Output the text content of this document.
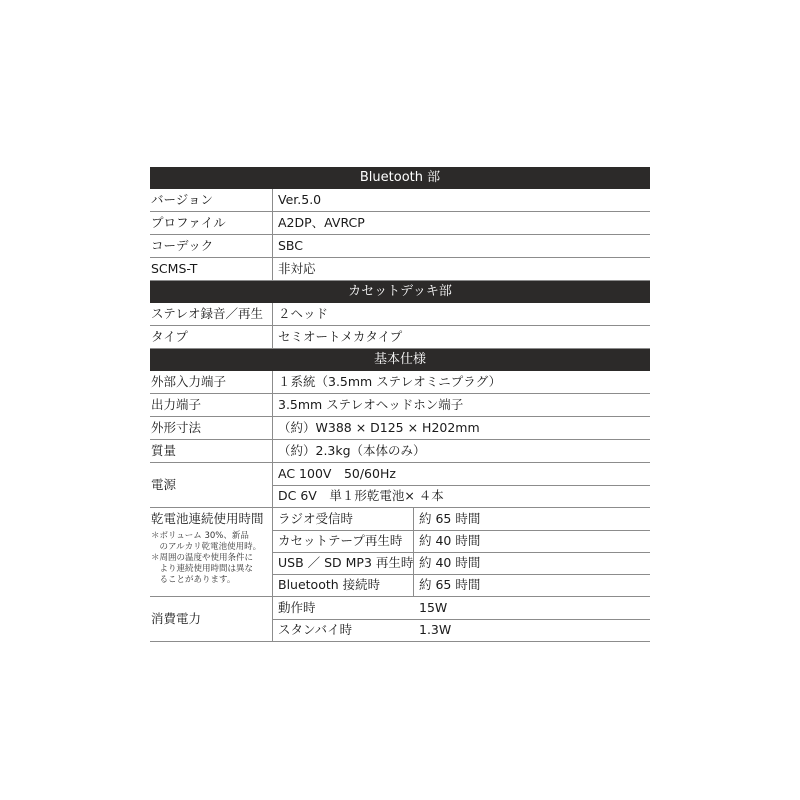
Bluetooth 部
バージョン	Ver.5.0
プロファイル	A2DP、AVRCP
コーデック	SBC
SCMS-T	非対応
カセットデッキ部
ステレオ録音／再生 ２ヘッド
タイプ	セミオートメカタイプ
基本仕様
外部入力端子	１系統（3.5mm ステレオミニプラグ）
出力端子	3.5mm ステレオヘッドホン端子
外形寸法	（約）W388 × D125 × H202mm
質量	（約）2.3kg（本体のみ）
電源
AC 100V　50/60Hz
DC 6V　単１形乾電池× ４本
乾電池連続使用時間
＊ボリューム 30%、新品
　のアルカリ乾電池使用時。
＊周囲の温度や使用条件に
　より連続使用時間は異な
　ることがあります。
ラジオ受信時	約 65 時間
カセットテープ再生時 約 40 時間
USB ／ SD MP3 再生時 約 40 時間
Bluetooth 接続時	約 65 時間
消費電力
動作時	15W
スタンバイ時	1.3W
